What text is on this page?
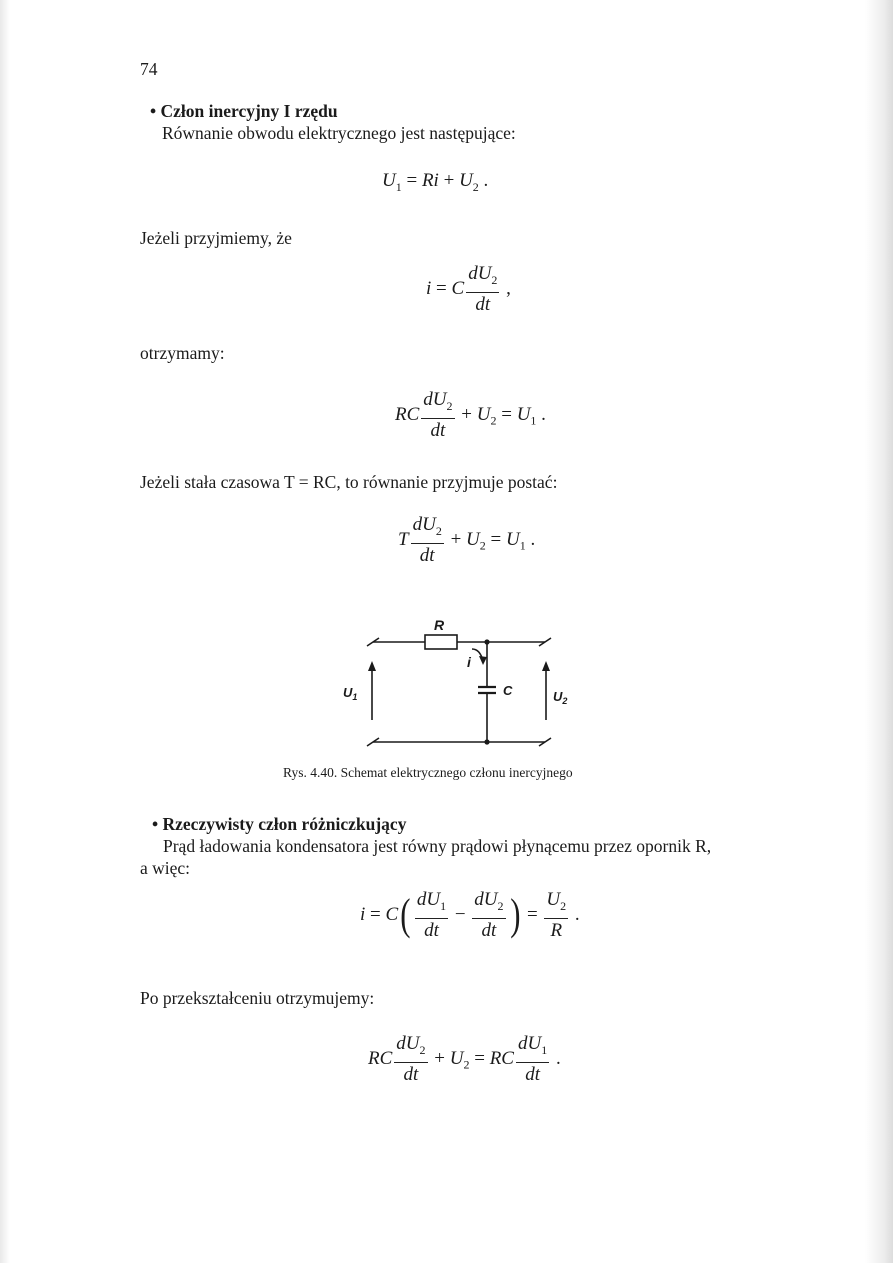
74
• Człon inercyjny I rzędu
Równanie obwodu elektrycznego jest następujące:
$U_1 = Ri + U_2$ .
Jeżeli przyjmiemy, że
i = C $\frac{dU_2}{dt}$ ,
otrzymamy:
RC $\frac{dU_2}{dt} + U_2 = U_1$ .
Jeżeli stała czasowa T = RC, to równanie przyjmuje postać:
T $\frac{dU_2}{dt} + U_2 = U_1$ .
R
i
C
$U_1$	$U_2$
Rys. 4.40. Schemat elektrycznego członu inercyjnego
• Rzeczywisty człon różniczkujący
Prąd ładowania kondensatora jest równy prądowi płynącemu przez opornik R,
a więc:
$i = C( \frac{dU_1}{dt} - \frac{dU_2}{dt}$ ) = $\frac{U_2}{R}$ .
Po przekształceniu otrzymujemy:
RC $\frac{dU_2}{dt} + U_2$ = RC $\frac{dU_1}{dt}$ .
